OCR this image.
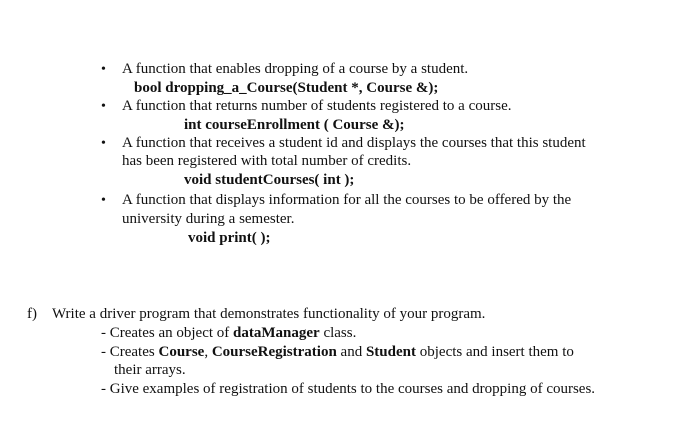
•
•
•
•
A function that enables dropping of a course by a student.
bool dropping_a_Course(Student *, Course &);
A function that returns number of students registered to a course.
int courseEnrollment ( Course &);
A function that receives a student id and displays the courses that this student
has been registered with total number of credits.
void studentCourses( int );
A function that displays information for all the courses to be offered by the
university during a semester.
void print( );
f) Write a driver program that demonstrates functionality of your program.
- Creates an object of dataManager class.
- Creates Course, CourseRegistration and Student objects and insert them to
their arrays.
- Give examples of registration of students to the courses and dropping of courses.
